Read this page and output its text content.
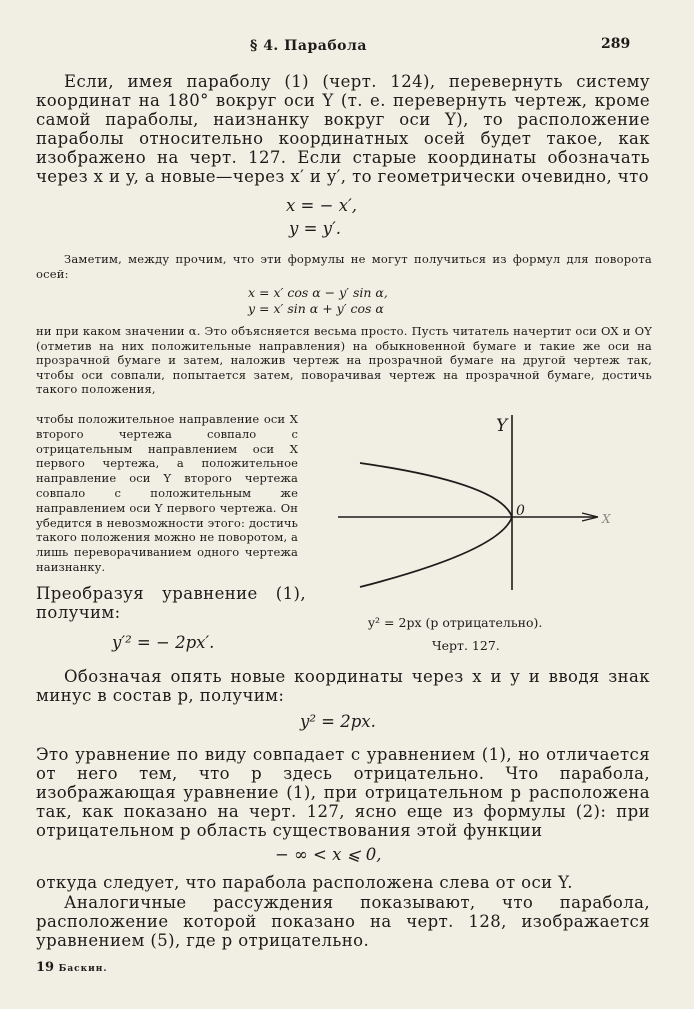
§ 4. Парабола	289
Если, имея параболу (1) (черт. 124), перевернуть систему координат на 180° вокруг оси Y (т. е. перевернуть чертеж, кроме самой параболы, наизнанку вокруг оси Y), то расположение параболы относительно координатных осей будет такое, как изображено на черт. 127. Если старые координаты обозначать через x и y, а новые—через x′ и y′, то геометрически очевидно, что
x = − x′,
y = y′.
Заметим, между прочим, что эти формулы не могут получиться из формул для поворота осей:
x = x′ cos α − y′ sin α,
y = x′ sin α + y′ cos α
ни при каком значении α. Это объясняется весьма просто. Пусть читатель начертит оси OX и OY (отметив на них положительные направления) на обыкновенной бумаге и такие же оси на прозрачной бумаге и затем, наложив чертеж на прозрачной бумаге на другой чертеж так, чтобы оси совпали, попытается затем, поворачивая чертеж на прозрачной бумаге, достичь такого положения,
чтобы положительное направление оси X второго чертежа совпало с отрицательным направлением оси X первого чертежа, а положительное направление оси Y второго чертежа совпало с положительным же направлением оси Y первого чертежа. Он убедится в невозможности этого: достичь такого положения можно не поворотом, а лишь переворачиванием одного чертежа наизнанку.
Y
0	X
Преобразуя уравнение (1), получим:
y′² = − 2px′.
y² = 2px (p отрицательно).
Черт. 127.
Обозначая опять новые координаты через x и y и вводя знак минус в состав p, получим:
y² = 2px.
Это уравнение по виду совпадает с уравнением (1), но отличается от него тем, что p здесь отрицательно. Что парабола, изображающая уравнение (1), при отрицательном p расположена так, как показано на черт. 127, ясно еще из формулы (2): при отрицательном p область существования этой функции
− ∞ < x ⩽ 0,
откуда следует, что парабола расположена слева от оси Y.
Аналогичные рассуждения показывают, что парабола, расположение которой показано на черт. 128, изображается уравнением (5), где p отрицательно.
19 Баскин.
